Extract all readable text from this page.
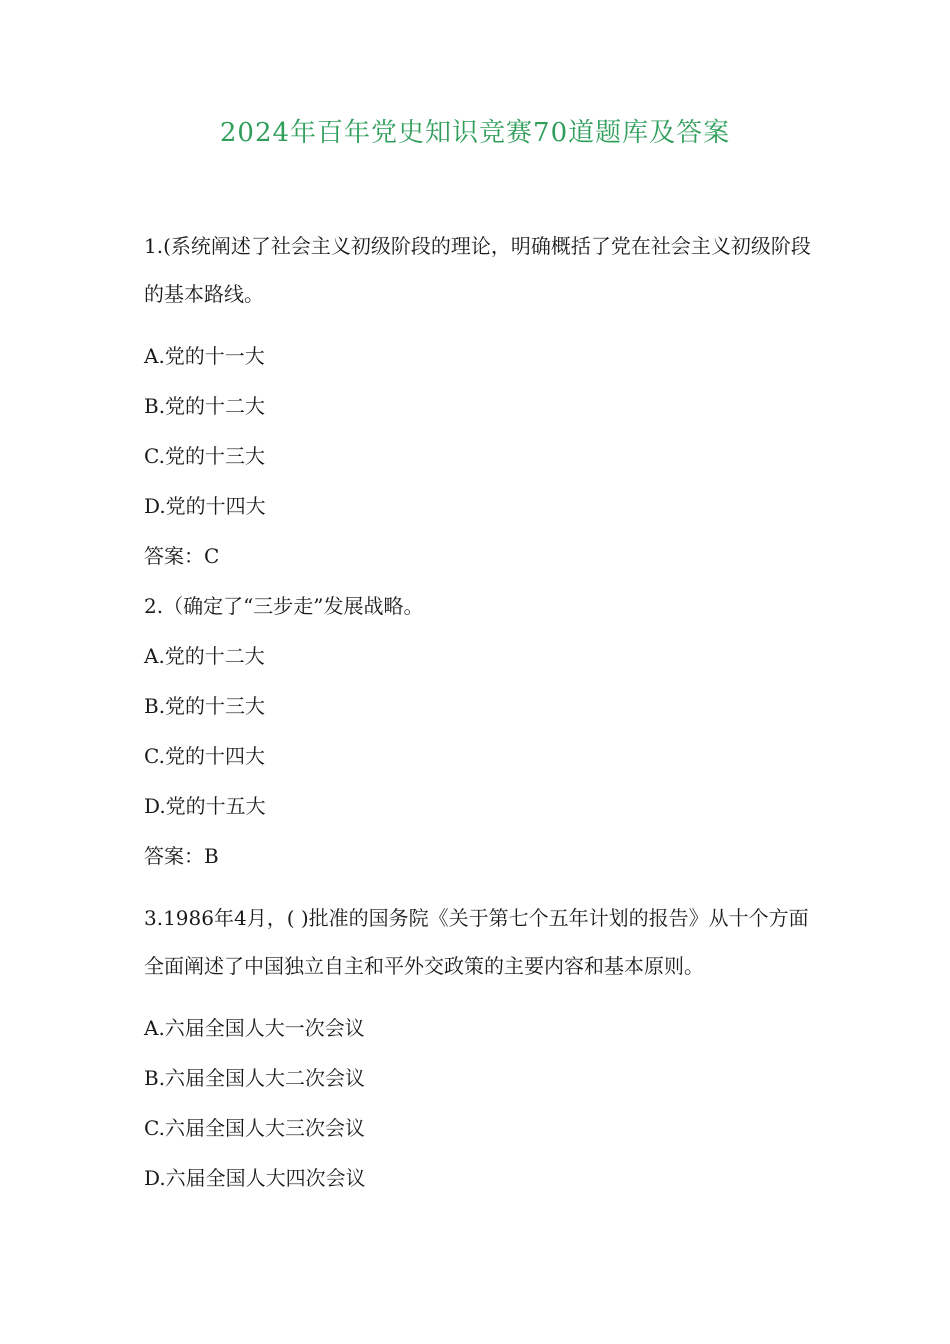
2024年百年党史知识竞赛70道题库及答案
1.(系统阐述了社会主义初级阶段的理论，明确概括了党在社会主义初级阶段的基本路线。
A.党的十一大
B.党的十二大
C.党的十三大
D.党的十四大
答案：C
2.（确定了“三步走”发展战略。
A.党的十二大
B.党的十三大
C.党的十四大
D.党的十五大
答案：B
3.1986年4月，( )批准的国务院《关于第七个五年计划的报告》从十个方面全面阐述了中国独立自主和平外交政策的主要内容和基本原则。
A.六届全国人大一次会议
B.六届全国人大二次会议
C.六届全国人大三次会议
D.六届全国人大四次会议
